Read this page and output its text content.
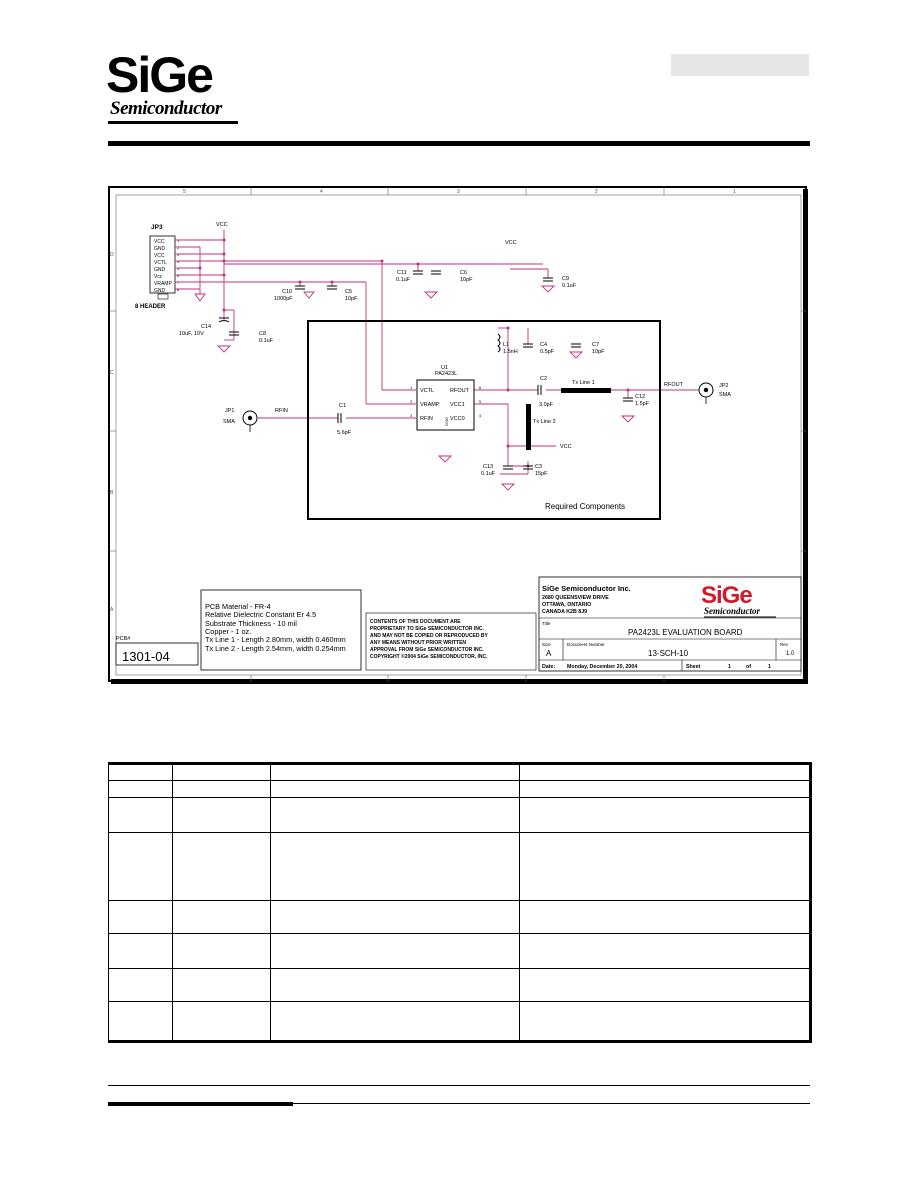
SiGe
Semiconductor
5	4	3	2	1
D
C
B
A
JP3
VCC
GND
VCC
VCTL
GND
Vcc
VRAMP
GND
1
2
3
4
5
6
7
8
8 HEADER
VCC
VCC
VCC
Required Components
U1
PA2423L
VCTL
VRAMP
RFIN
RFOUT
VCC1
VCC0
1
2
3
6
5
4
GND
Tx Line 1
Tx Line 2
JP1
SMA
RFIN
JP2
SMA
RFOUT
C14
10uF, 10V	C8
0.1uF
C10
1000pF
C5
10pF
C11
0.1uF
C6
10pF	C9
0.1uF
L1
1.5nH
C4
0.5pF
C7
10pF
C2
3.0pF
C12
1.5pF
C1
5.6pF
C13
0.1uF
C3
15pF
PCB Material - FR-4
Relative Dielectric Constant Er 4.5
Substrate Thickness - 10 mil
Copper - 1 oz.
Tx Line 1 - Length 2.80mm, width 0.460mm
Tx Line 2 - Length 2.54mm, width 0.254mm
PCB#
1301-04
CONTENTS OF THIS DOCUMENT ARE
PROPRIETARY TO SiGe SEMICONDUCTOR INC.
AND MAY NOT BE COPIED OR REPRODUCED BY
ANY MEANS WITHOUT PRIOR WRITTEN
APPROVAL FROM SiGe SEMICONDUCTOR INC.
COPYRIGHT ©2004 SiGe SEMICONDUCTOR, INC.
SiGe Semiconductor Inc.
2680 QUEENSVIEW DRIVE
OTTAWA, ONTARIO
CANADA K2B 8J9
SiGe
Semiconductor
Title
PA2423L EVALUATION BOARD
Size
A
Document Number
13-SCH-10
Rev
1.0
Date: Monday, December 20, 2004	Sheet	1	of	1
